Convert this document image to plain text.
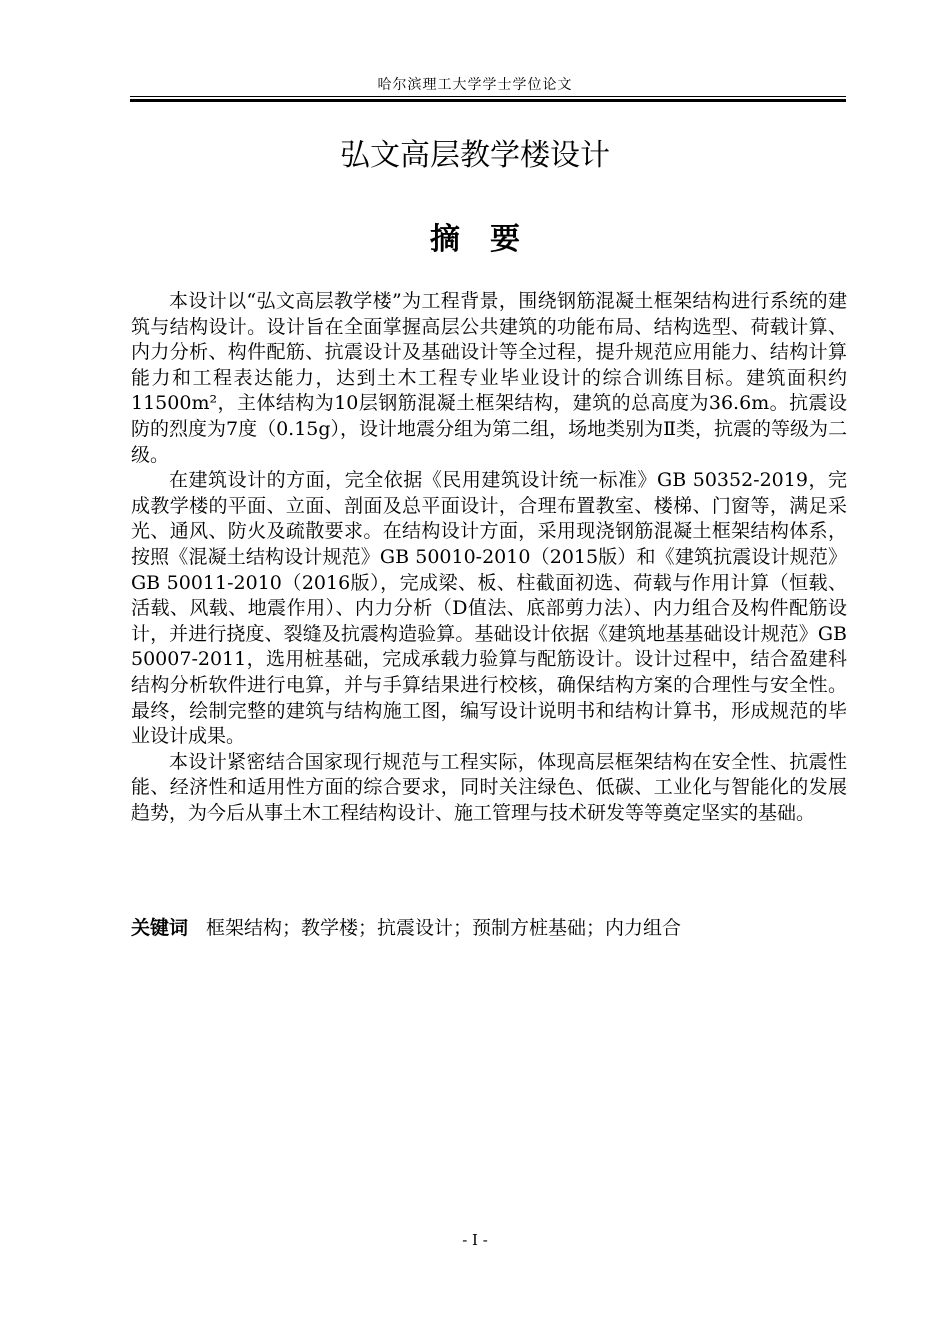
哈尔滨理工大学学士学位论文
弘文高层教学楼设计
摘　要

本设计以“弘文高层教学楼”为工程背景，围绕钢筋混凝土框架结构进行系统的建筑与结构设计。设计旨在全面掌握高层公共建筑的功能布局、结构选型、荷载计算、内力分析、构件配筋、抗震设计及基础设计等全过程，提升规范应用能力、结构计算能力和工程表达能力，达到土木工程专业毕业设计的综合训练目标。建筑面积约11500m²，主体结构为10层钢筋混凝土框架结构，建筑的总高度为36.6m。抗震设防的烈度为7度（0.15g），设计地震分组为第二组，场地类别为Ⅱ类，抗震的等级为二级。

在建筑设计的方面，完全依据《民用建筑设计统一标准》GB 50352-2019，完成教学楼的平面、立面、剖面及总平面设计，合理布置教室、楼梯、门窗等，满足采光、通风、防火及疏散要求。在结构设计方面，采用现浇钢筋混凝土框架结构体系，按照《混凝土结构设计规范》GB 50010-2010（2015版）和《建筑抗震设计规范》GB 50011-2010（2016版），完成梁、板、柱截面初选、荷载与作用计算（恒载、活载、风载、地震作用）、内力分析（D值法、底部剪力法）、内力组合及构件配筋设计，并进行挠度、裂缝及抗震构造验算。基础设计依据《建筑地基基础设计规范》GB 50007-2011，选用桩基础，完成承载力验算与配筋设计。设计过程中，结合盈建科结构分析软件进行电算，并与手算结果进行校核，确保结构方案的合理性与安全性。最终，绘制完整的建筑与结构施工图，编写设计说明书和结构计算书，形成规范的毕业设计成果。

本设计紧密结合国家现行规范与工程实际，体现高层框架结构在安全性、抗震性能、经济性和适用性方面的综合要求，同时关注绿色、低碳、工业化与智能化的发展趋势，为今后从事土木工程结构设计、施工管理与技术研发等等奠定坚实的基础。

关键词 框架结构；教学楼；抗震设计；预制方桩基础；内力组合
- I -
